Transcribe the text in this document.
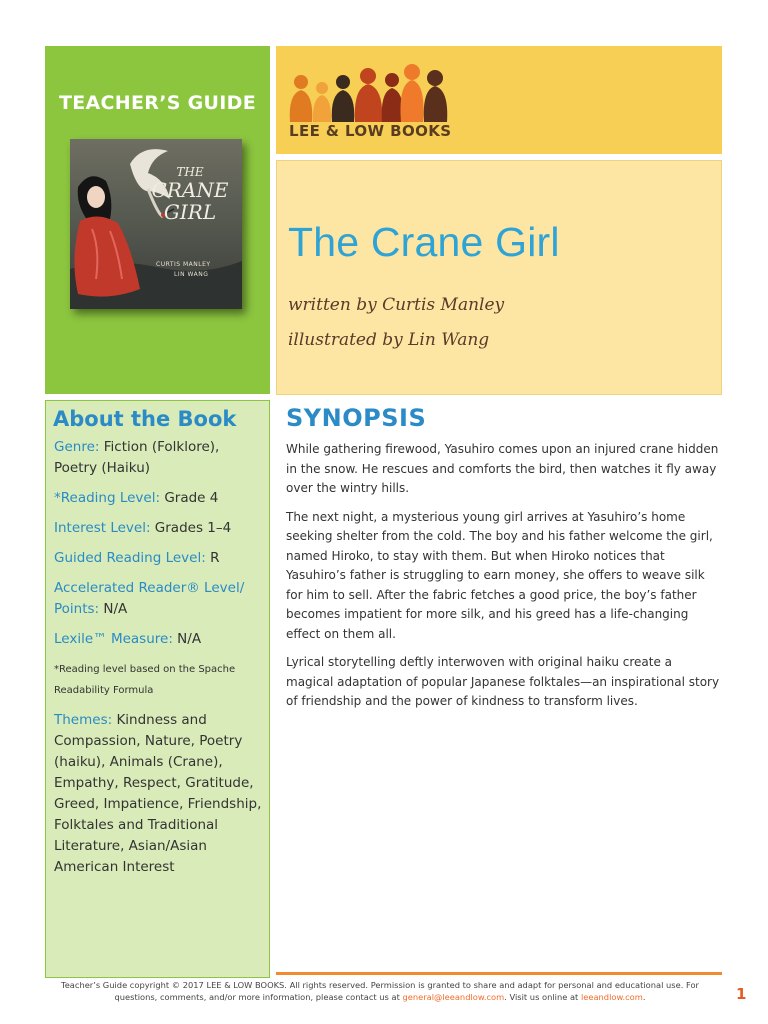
TEACHER’S GUIDE
THE
CRANE
GIRL
CURTIS MANLEY
LIN WANG
LEE & LOW BOOKS
The Crane Girl
written by Curtis Manley
illustrated by Lin Wang
About the Book

Genre: Fiction (Folklore), Poetry (Haiku)

*Reading Level: Grade 4

Interest Level: Grades 1–4

Guided Reading Level: R

Accelerated Reader® Level/ Points: N/A

Lexile™ Measure: N/A

*Reading level based on the Spache Readability Formula

Themes: Kindness and Compassion, Nature, Poetry (haiku), Animals (Crane), Empathy, Respect, Gratitude, Greed, Impatience, Friendship, Folktales and Traditional Literature, Asian/Asian American Interest

SYNOPSIS

While gathering firewood, Yasuhiro comes upon an injured crane hidden in the snow. He rescues and comforts the bird, then watches it fly away over the wintry hills.

The next night, a mysterious young girl arrives at Yasuhiro’s home seeking shelter from the cold. The boy and his father welcome the girl, named Hiroko, to stay with them. But when Hiroko notices that Yasuhiro’s father is struggling to earn money, she offers to weave silk for him to sell. After the fabric fetches a good price, the boy’s father becomes impatient for more silk, and his greed has a life-changing effect on them all.

Lyrical storytelling deftly interwoven with original haiku create a magical adaptation of popular Japanese folktales—an inspirational story of friendship and the power of kindness to transform lives.

Teacher’s Guide copyright © 2017 LEE & LOW BOOKS. All rights reserved. Permission is granted to share and adapt for personal and educational use. For
questions, comments, and/or more information, please contact us at general@leeandlow.com. Visit us online at leeandlow.com.	1
